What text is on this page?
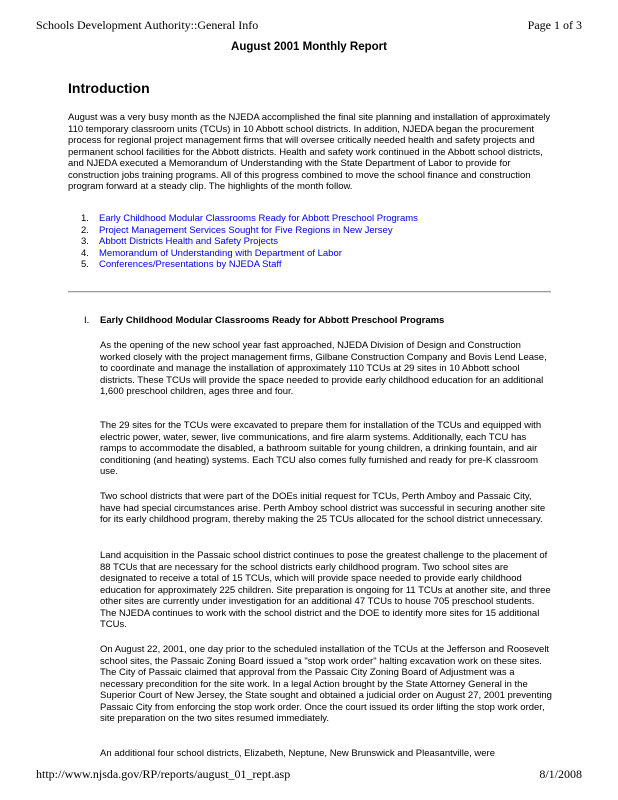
Schools Development Authority::General Info	Page 1 of 3
August 2001 Monthly Report
Introduction

August was a very busy month as the NJEDA accomplished the final site planning and installation of approximately 110 temporary classroom units (TCUs) in 10 Abbott school districts. In addition, NJEDA began the procurement process for regional project management firms that will oversee critically needed health and safety projects and permanent school facilities for the Abbott districts. Health and safety work continued in the Abbott school districts, and NJEDA executed a Memorandum of Understanding with the State Department of Labor to provide for construction jobs training programs. All of this progress combined to move the school finance and construction program forward at a steady clip. The highlights of the month follow.

1. Early Childhood Modular Classrooms Ready for Abbott Preschool Programs
2. Project Management Services Sought for Five Regions in New Jersey
3. Abbott Districts Health and Safety Projects
4. Memorandum of Understanding with Department of Labor
5. Conferences/Presentations by NJEDA Staff
I. Early Childhood Modular Classrooms Ready for Abbott Preschool Programs

As the opening of the new school year fast approached, NJEDA Division of Design and Construction worked closely with the project management firms, Gilbane Construction Company and Bovis Lend Lease, to coordinate and manage the installation of approximately 110 TCUs at 29 sites in 10 Abbott school districts. These TCUs will provide the space needed to provide early childhood education for an additional 1,600 preschool children, ages three and four.

The 29 sites for the TCUs were excavated to prepare them for installation of the TCUs and equipped with electric power, water, sewer, live communications, and fire alarm systems. Additionally, each TCU has ramps to accommodate the disabled, a bathroom suitable for young children, a drinking fountain, and air conditioning (and heating) systems. Each TCU also comes fully furnished and ready for pre-K classroom use.

Two school districts that were part of the DOEs initial request for TCUs, Perth Amboy and Passaic City, have had special circumstances arise. Perth Amboy school district was successful in securing another site for its early childhood program, thereby making the 25 TCUs allocated for the school district unnecessary.

Land acquisition in the Passaic school district continues to pose the greatest challenge to the placement of 88 TCUs that are necessary for the school districts early childhood program. Two school sites are designated to receive a total of 15 TCUs, which will provide space needed to provide early childhood education for approximately 225 children. Site preparation is ongoing for 11 TCUs at another site, and three other sites are currently under investigation for an additional 47 TCUs to house 705 preschool students. The NJEDA continues to work with the school district and the DOE to identify more sites for 15 additional TCUs.

On August 22, 2001, one day prior to the scheduled installation of the TCUs at the Jefferson and Roosevelt school sites, the Passaic Zoning Board issued a "stop work order" halting excavation work on these sites. The City of Passaic claimed that approval from the Passaic City Zoning Board of Adjustment was a necessary precondition for the site work. In a legal Action brought by the State Attorney General in the Superior Court of New Jersey, the State sought and obtained a judicial order on August 27, 2001 preventing Passaic City from enforcing the stop work order. Once the court issued its order lifting the stop work order, site preparation on the two sites resumed immediately.

An additional four school districts, Elizabeth, Neptune, New Brunswick and Pleasantville, were

http://www.njsda.gov/RP/reports/august_01_rept.asp	8/1/2008
